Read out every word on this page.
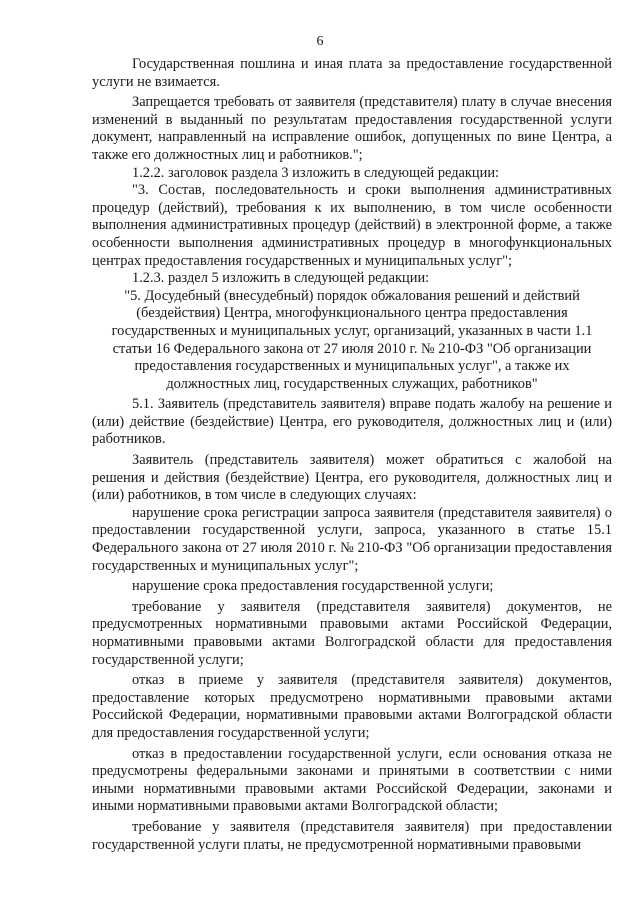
6

Государственная пошлина и иная плата за предоставление государственной услуги не взимается.

Запрещается требовать от заявителя (представителя) плату в случае внесения изменений в выданный по результатам предоставления государственной услуги документ, направленный на исправление ошибок, допущенных по вине Центра, а также его должностных лиц и работников.";

1.2.2. заголовок раздела 3 изложить в следующей редакции:

"3. Состав, последовательность и сроки выполнения административных процедур (действий), требования к их выполнению, в том числе особенности выполнения административных процедур (действий) в электронной форме, а также особенности выполнения административных процедур в многофункциональных центрах предоставления государственных и муниципальных услуг";

1.2.3. раздел 5 изложить в следующей редакции:

"5. Досудебный (внесудебный) порядок обжалования решений и действий (бездействия) Центра, многофункционального центра предоставления государственных и муниципальных услуг, организаций, указанных в части 1.1 статьи 16 Федерального закона от 27 июля 2010 г. № 210-ФЗ "Об организации предоставления государственных и муниципальных услуг", а также их должностных лиц, государственных служащих, работников"

5.1. Заявитель (представитель заявителя) вправе подать жалобу на решение и (или) действие (бездействие) Центра, его руководителя, должностных лиц и (или) работников.

Заявитель (представитель заявителя) может обратиться с жалобой на решения и действия (бездействие) Центра, его руководителя, должностных лиц и (или) работников, в том числе в следующих случаях:

нарушение срока регистрации запроса заявителя (представителя заявителя) о предоставлении государственной услуги, запроса, указанного в статье 15.1 Федерального закона от 27 июля 2010 г. № 210-ФЗ "Об организации предоставления государственных и муниципальных услуг";

нарушение срока предоставления государственной услуги;

требование у заявителя (представителя заявителя) документов, не предусмотренных нормативными правовыми актами Российской Федерации, нормативными правовыми актами Волгоградской области для предоставления государственной услуги;

отказ в приеме у заявителя (представителя заявителя) документов, предоставление которых предусмотрено нормативными правовыми актами Российской Федерации, нормативными правовыми актами Волгоградской области для предоставления государственной услуги;

отказ в предоставлении государственной услуги, если основания отказа не предусмотрены федеральными законами и принятыми в соответствии с ними иными нормативными правовыми актами Российской Федерации, законами и иными нормативными правовыми актами Волгоградской области;

требование у заявителя (представителя заявителя) при предоставлении государственной услуги платы, не предусмотренной нормативными правовыми
